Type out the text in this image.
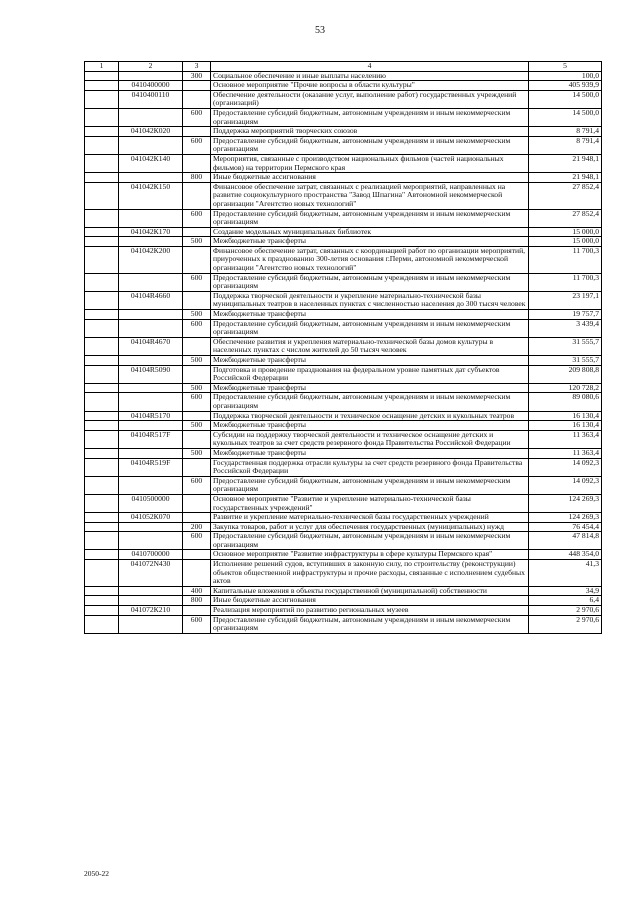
53
1	2	3	4	5
		300	Социальное обеспечение и иные выплаты населению	100,0
	0410400000		Основное мероприятие "Прочие вопросы в области культуры"	405 939,9
	0410400110		Обеспечение деятельности (оказание услуг, выполнение работ) государственных учреждений (организаций)	14 500,0
		600	Предоставление субсидий бюджетным, автономным учреждениям и иным некоммерческим организациям	14 500,0
	041042К020		Поддержка мероприятий творческих союзов	8 791,4
		600	Предоставление субсидий бюджетным, автономным учреждениям и иным некоммерческим организациям	8 791,4
	041042К140		Мероприятия, связанные с производством национальных фильмов (частей национальных фильмов) на территории Пермского края	21 948,1
		800	Иные бюджетные ассигнования	21 948,1
	041042К150		Финансовое обеспечение затрат, связанных с реализацией мероприятий, направленных на развитие социокультурного пространства "Завод Шпагина" Автономной некоммерческой организации "Агентство новых технологий"	27 852,4
		600	Предоставление субсидий бюджетным, автономным учреждениям и иным некоммерческим организациям	27 852,4
	041042К170		Создание модельных муниципальных библиотек	15 000,0
		500	Межбюджетные трансферты	15 000,0
	041042К200		Финансовое обеспечение затрат, связанных с координацией работ по организации мероприятий, приуроченных к празднованию 300-летия основания г.Перми, автономной некоммерческой организации "Агентство новых технологий"	11 700,3
		600	Предоставление субсидий бюджетным, автономным учреждениям и иным некоммерческим организациям	11 700,3
	04104R4660		Поддержка творческой деятельности и укрепление материально-технической базы муниципальных театров в населенных пунктах с численностью населения до 300 тысяч человек	23 197,1
		500	Межбюджетные трансферты	19 757,7
		600	Предоставление субсидий бюджетным, автономным учреждениям и иным некоммерческим организациям	3 439,4
	04104R4670		Обеспечение развития и укрепления материально-технической базы домов культуры в населенных пунктах с числом жителей до 50 тысяч человек	31 555,7
		500	Межбюджетные трансферты	31 555,7
	04104R5090		Подготовка и проведение празднования на федеральном уровне памятных дат субъектов Российской Федерации	209 808,8
		500	Межбюджетные трансферты	120 728,2
		600	Предоставление субсидий бюджетным, автономным учреждениям и иным некоммерческим организациям	89 080,6
	04104R5170		Поддержка творческой деятельности и техническое оснащение детских и кукольных театров	16 130,4
		500	Межбюджетные трансферты	16 130,4
	04104R517F		Субсидии на поддержку творческой деятельности и техническое оснащение детских и кукольных театров за счет средств резервного фонда Правительства Российской Федерации	11 363,4
		500	Межбюджетные трансферты	11 363,4
	04104R519F		Государственная поддержка отрасли культуры за счет средств резервного фонда Правительства Российской Федерации	14 092,3
		600	Предоставление субсидий бюджетным, автономным учреждениям и иным некоммерческим организациям	14 092,3
	0410500000		Основное мероприятие "Развитие и укрепление материально-технической базы государственных учреждений"	124 269,3
	041052К070		Развитие и укрепление материально-технической базы государственных учреждений	124 269,3
		200	Закупка товаров, работ и услуг для обеспечения государственных (муниципальных) нужд	76 454,4
		600	Предоставление субсидий бюджетным, автономным учреждениям и иным некоммерческим организациям	47 814,8
	0410700000		Основное мероприятие "Развитие инфраструктуры в сфере культуры Пермского края"	448 354,0
	041072N430		Исполнение решений судов, вступивших в законную силу, по строительству (реконструкции) объектов общественной инфраструктуры и прочие расходы, связанные с исполнением судебных актов	41,3
		400	Капитальные вложения в объекты государственной (муниципальной) собственности	34,9
		800	Иные бюджетные ассигнования	6,4
	041072К210		Реализация мероприятий по развитию региональных музеев	2 970,6
		600	Предоставление субсидий бюджетным, автономным учреждениям и иным некоммерческим организациям	2 970,6
2050-22
